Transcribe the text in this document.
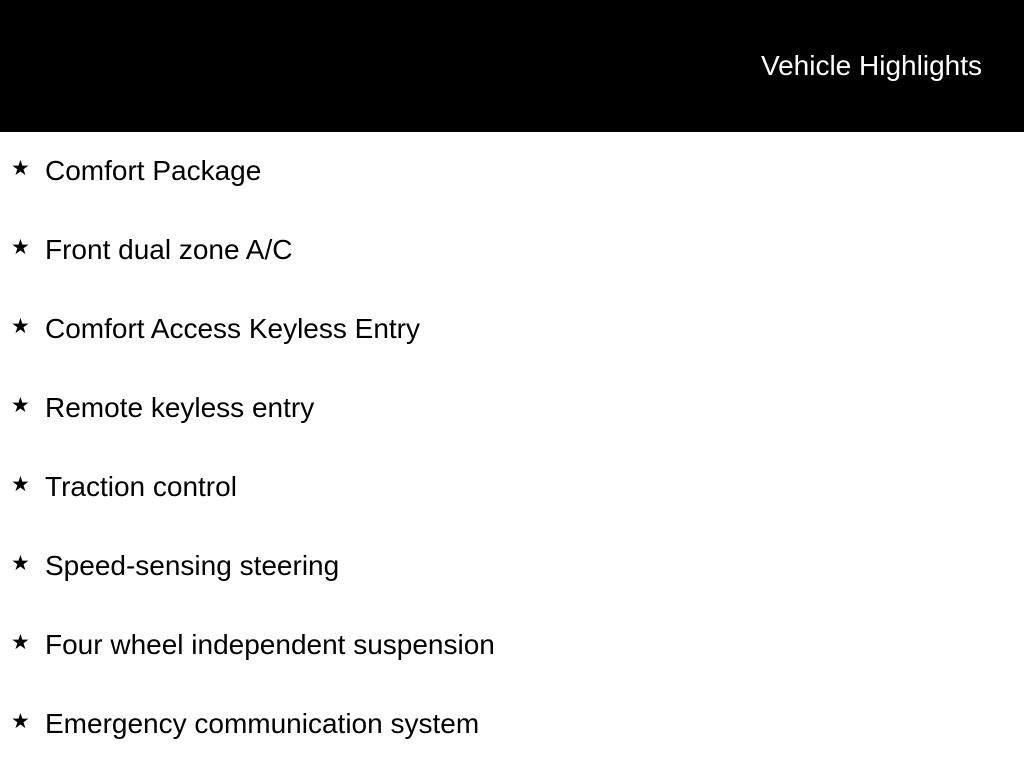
Vehicle Highlights
★ Comfort Package
★ Front dual zone A/C
★ Comfort Access Keyless Entry
★ Remote keyless entry
★ Traction control
★ Speed-sensing steering
★ Four wheel independent suspension
★ Emergency communication system
